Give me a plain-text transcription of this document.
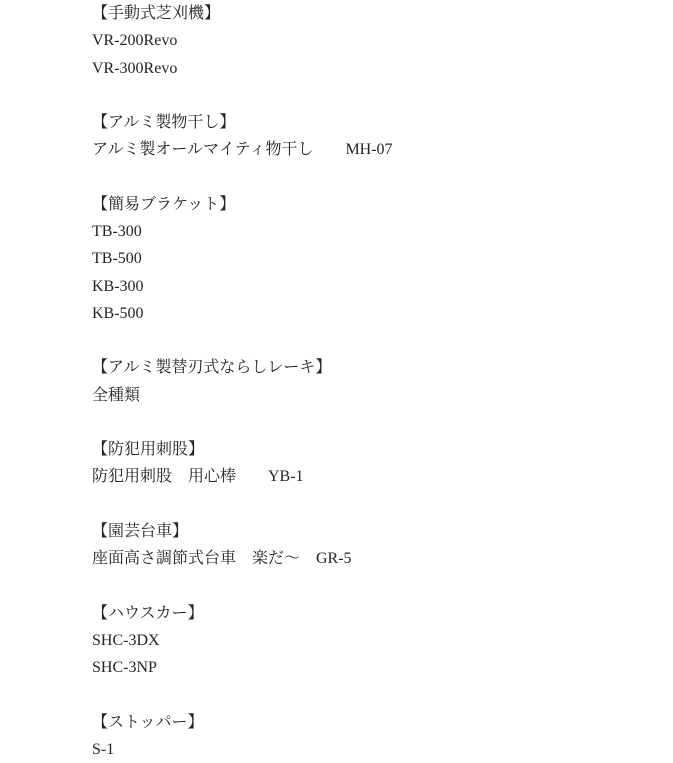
【手動式芝刈機】
VR-200Revo
VR-300Revo
【アルミ製物干し】
アルミ製オールマイティ物干し　　MH-07
【簡易ブラケット】
TB-300
TB-500
KB-300
KB-500
【アルミ製替刃式ならしレーキ】
全種類
【防犯用刺股】
防犯用刺股　用心棒　　YB-1
【園芸台車】
座面高さ調節式台車　楽だ～　GR-5
【ハウスカー】
SHC-3DX
SHC-3NP
【ストッパー】
S-1
